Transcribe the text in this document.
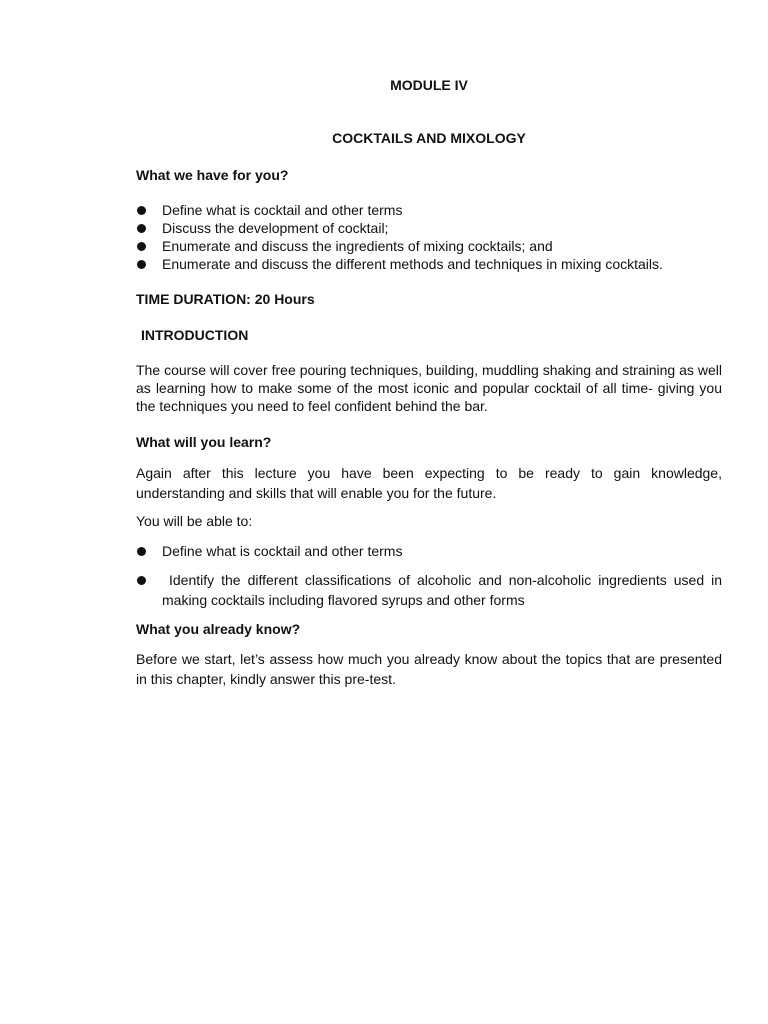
MODULE IV
COCKTAILS AND MIXOLOGY
What we have for you?
Define what is cocktail and other terms
Discuss the development of cocktail;
Enumerate and discuss the ingredients of mixing cocktails; and
Enumerate and discuss the different methods and techniques in mixing cocktails.
TIME DURATION: 20 Hours
INTRODUCTION

The course will cover free pouring techniques, building, muddling shaking and straining as well as learning how to make some of the most iconic and popular cocktail of all time- giving you the techniques you need to feel confident behind the bar.

What will you learn?

Again after this lecture you have been expecting to be ready to gain knowledge, understanding and skills that will enable you for the future.

You will be able to:

Define what is cocktail and other terms
Identify the different classifications of alcoholic and non-alcoholic ingredients used in making cocktails including flavored syrups and other forms
What you already know?

Before we start, let’s assess how much you already know about the topics that are presented in this chapter, kindly answer this pre-test.
